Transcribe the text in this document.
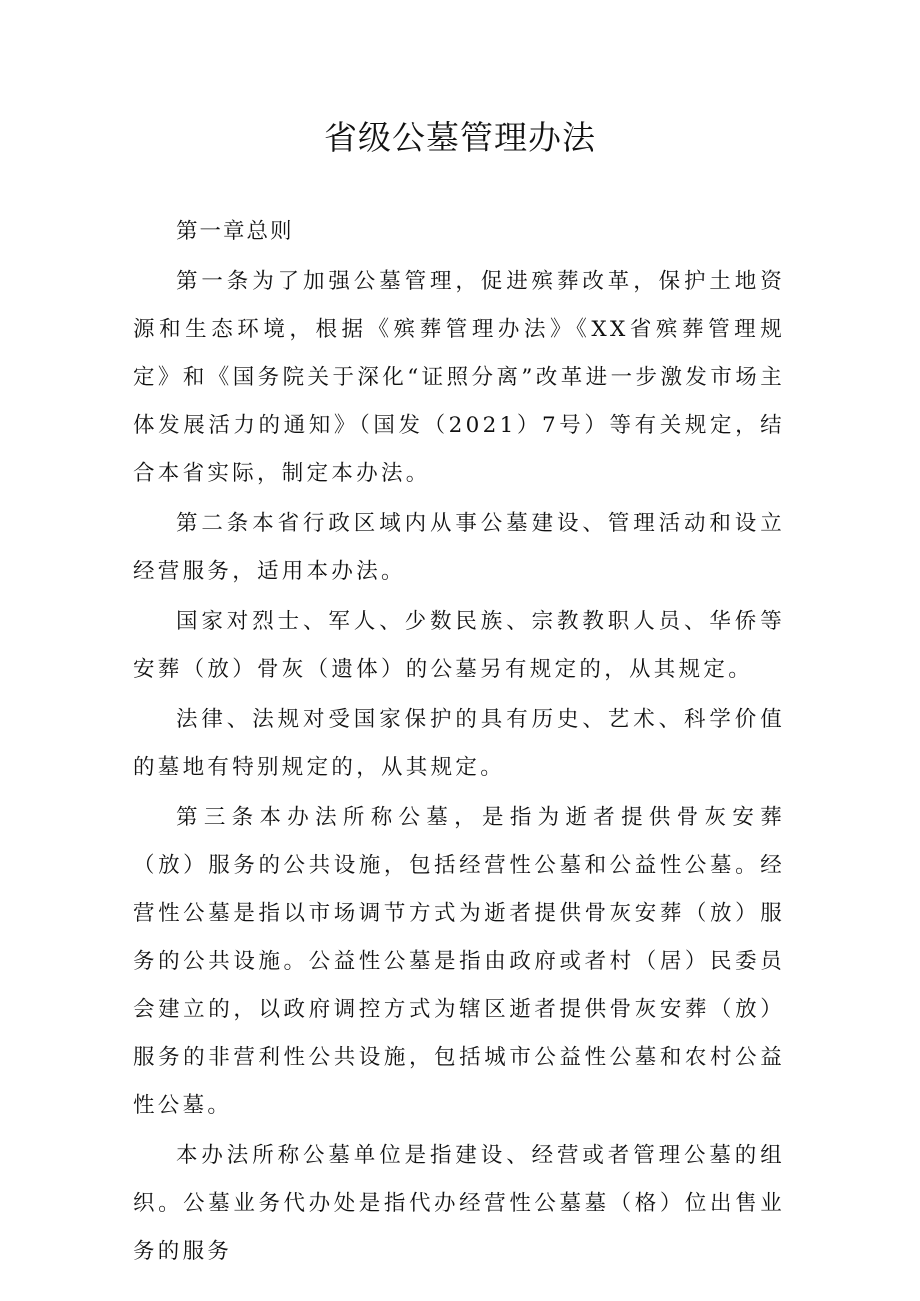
省级公墓管理办法

第一章总则

第一条为了加强公墓管理，促进殡葬改革，保护土地资源和生态环境，根据《殡葬管理办法》《XX省殡葬管理规定》和《国务院关于深化“证照分离”改革进一步激发市场主体发展活力的通知》（国发（2021）7号）等有关规定，结合本省实际，制定本办法。

第二条本省行政区域内从事公墓建设、管理活动和设立经营服务，适用本办法。

国家对烈士、军人、少数民族、宗教教职人员、华侨等安葬（放）骨灰（遗体）的公墓另有规定的，从其规定。

法律、法规对受国家保护的具有历史、艺术、科学价值的墓地有特别规定的，从其规定。

第三条本办法所称公墓，是指为逝者提供骨灰安葬（放）服务的公共设施，包括经营性公墓和公益性公墓。经营性公墓是指以市场调节方式为逝者提供骨灰安葬（放）服务的公共设施。公益性公墓是指由政府或者村（居）民委员会建立的，以政府调控方式为辖区逝者提供骨灰安葬（放）服务的非营利性公共设施，包括城市公益性公墓和农村公益性公墓。

本办法所称公墓单位是指建设、经营或者管理公墓的组织。公墓业务代办处是指代办经营性公墓墓（格）位出售业务的服务
